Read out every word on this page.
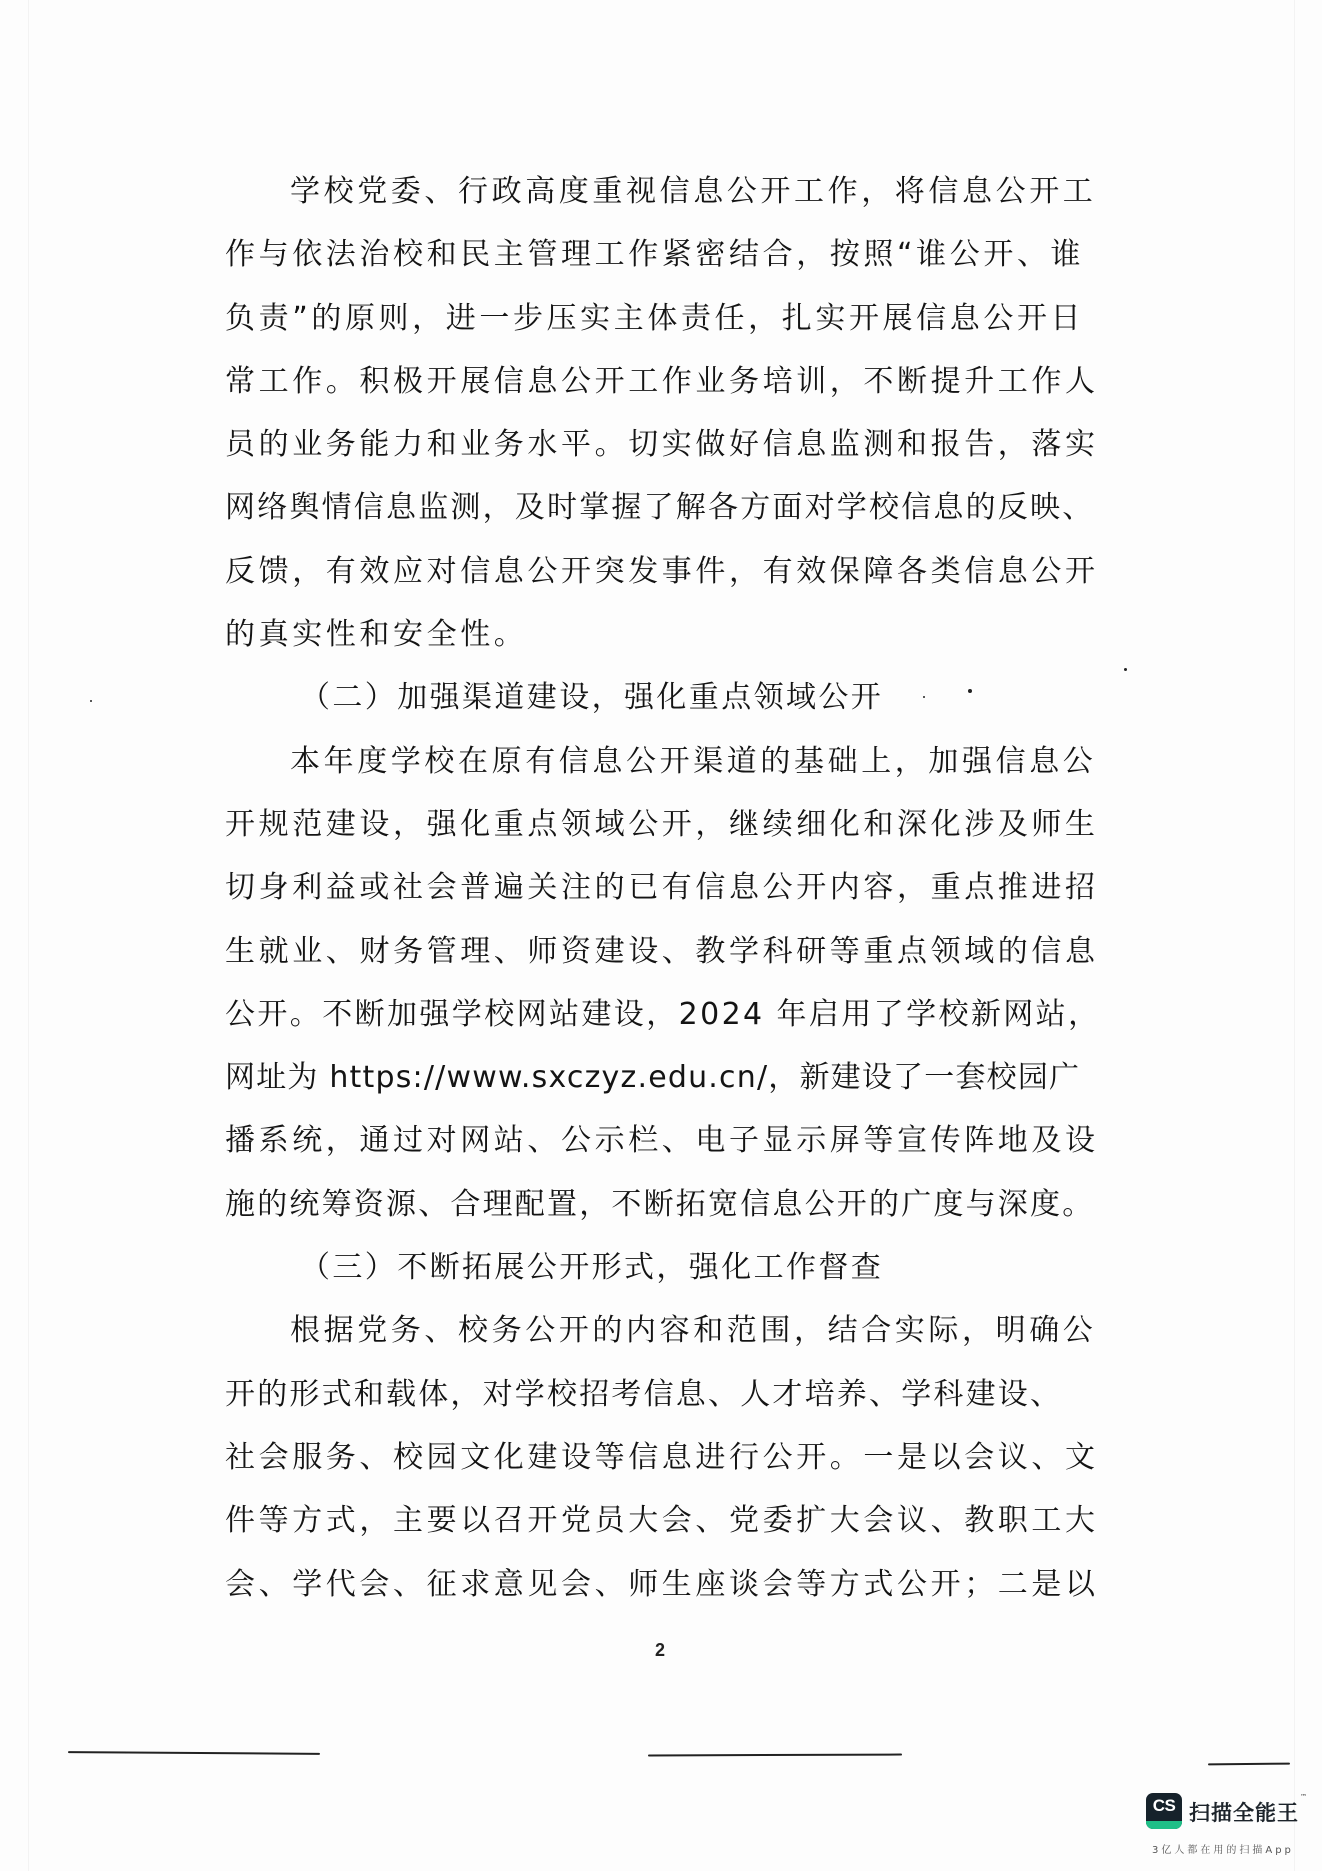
学校党委、行政高度重视信息公开工作，将信息公开工
作与依法治校和民主管理工作紧密结合，按照“谁公开、谁
负责”的原则，进一步压实主体责任，扎实开展信息公开日
常工作。积极开展信息公开工作业务培训，不断提升工作人
员的业务能力和业务水平。切实做好信息监测和报告，落实
网络舆情信息监测，及时掌握了解各方面对学校信息的反映、
反馈，有效应对信息公开突发事件，有效保障各类信息公开
的真实性和安全性。
（二）加强渠道建设，强化重点领域公开
本年度学校在原有信息公开渠道的基础上，加强信息公
开规范建设，强化重点领域公开，继续细化和深化涉及师生
切身利益或社会普遍关注的已有信息公开内容，重点推进招
生就业、财务管理、师资建设、教学科研等重点领域的信息
公开。不断加强学校网站建设，2024 年启用了学校新网站，
网址为 https://www.sxczyz.edu.cn/，新建设了一套校园广
播系统，通过对网站、公示栏、电子显示屏等宣传阵地及设
施的统筹资源、合理配置，不断拓宽信息公开的广度与深度。
（三）不断拓展公开形式，强化工作督查
根据党务、校务公开的内容和范围，结合实际，明确公
开的形式和载体，对学校招考信息、人才培养、学科建设、
社会服务、校园文化建设等信息进行公开。一是以会议、文
件等方式，主要以召开党员大会、党委扩大会议、教职工大
会、学代会、征求意见会、师生座谈会等方式公开；二是以
2
CS 扫描全能王
™
3亿人都在用的扫描App
